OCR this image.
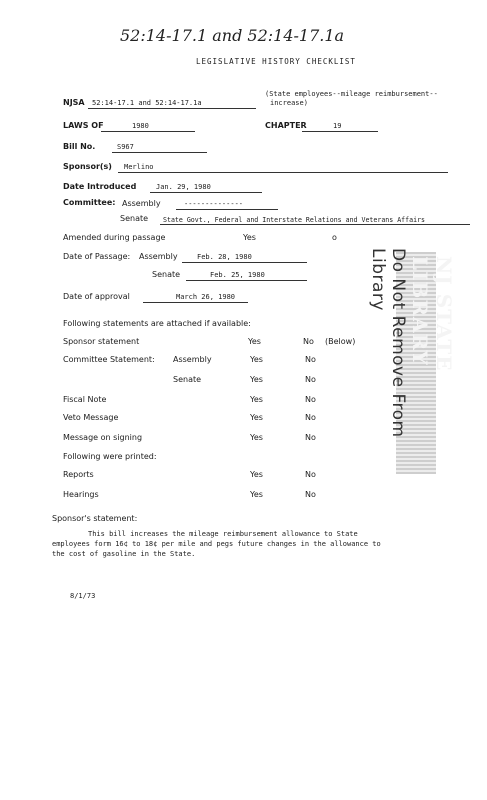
52:14-17.1 and 52:14-17.1a
LEGISLATIVE HISTORY CHECKLIST
NJSA 52:14-17.1 and 52:14-17.1a
(State employees--mileage reimbursement--
increase)
LAWS OF	1980	CHAPTER	19
Bill No.	S967
Sponsor(s) Merlino
Date Introduced	Jan. 29, 1980
Committee: Assembly	--------------
Senate State Govt., Federal and Interstate Relations and Veterans Affairs
Amended during passage	Yes	o
Date of Passage: Assembly	Feb. 28, 1980
Senate	Feb. 25, 1980
Date of approval	March 26, 1980
Following statements are attached if available:
Sponsor statement	Yes	No (Below)
Committee Statement: Assembly	Yes	No
Senate	Yes	No
Fiscal Note	Yes	No
Veto Message	Yes	No
Message on signing	Yes	No
Following were printed:
Reports	Yes	No
Hearings	Yes	No
NJ STATE LIBRARY
Do Not Remove From Library
Sponsor's statement:
This bill increases the mileage reimbursement allowance to State employees form 16¢ to 18¢ per mile and pegs future changes in the allowance to the cost of gasoline in the State.
8/1/73
